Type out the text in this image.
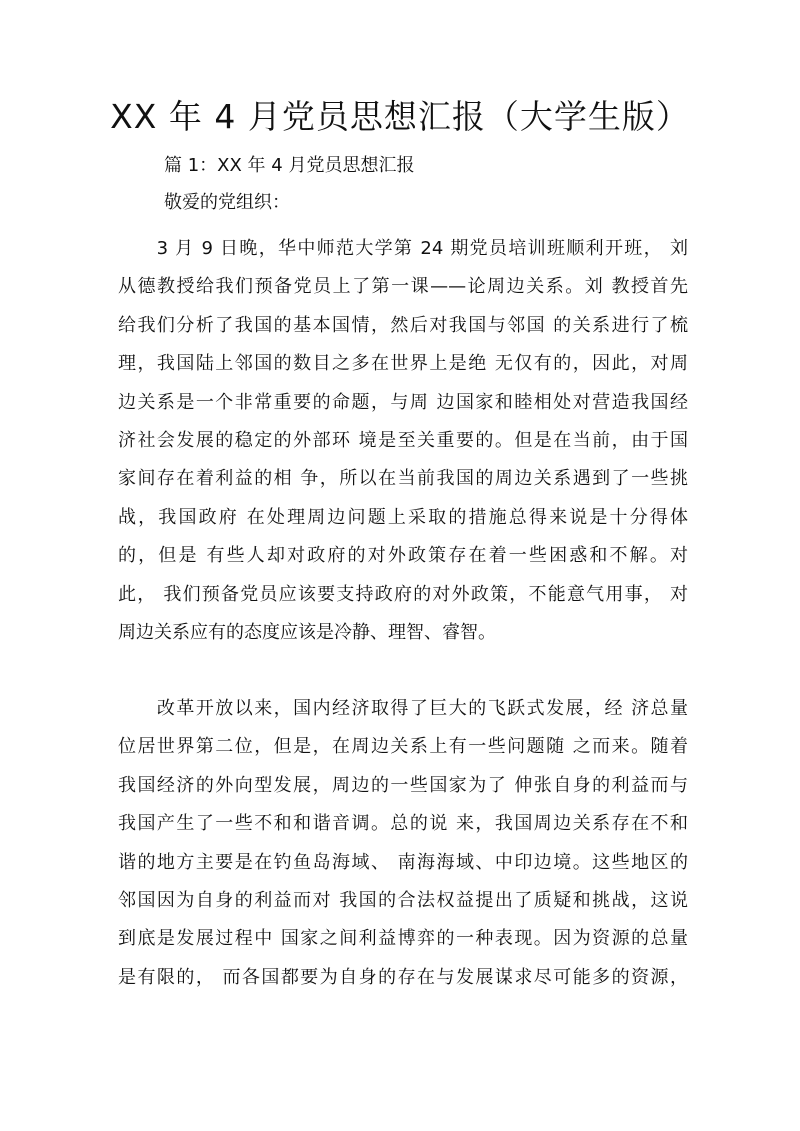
XX 年 4 月党员思想汇报（大学生版）

篇 1：XX 年 4 月党员思想汇报

敬爱的党组织：

　　3 月 9 日晚，华中师范大学第 24 期党员培训班顺利开班， 刘
从德教授给我们预备党员上了第一课——论周边关系。刘 教授首先
给我们分析了我国的基本国情，然后对我国与邻国 的关系进行了梳
理，我国陆上邻国的数目之多在世界上是绝 无仅有的，因此，对周
边关系是一个非常重要的命题，与周 边国家和睦相处对营造我国经
济社会发展的稳定的外部环 境是至关重要的。但是在当前，由于国
家间存在着利益的相 争，所以在当前我国的周边关系遇到了一些挑
战，我国政府 在处理周边问题上采取的措施总得来说是十分得体
的，但是 有些人却对政府的对外政策存在着一些困惑和不解。对
此， 我们预备党员应该要支持政府的对外政策，不能意气用事， 对
周边关系应有的态度应该是冷静、理智、睿智。
　　改革开放以来，国内经济取得了巨大的飞跃式发展，经 济总量
位居世界第二位，但是，在周边关系上有一些问题随 之而来。随着
我国经济的外向型发展，周边的一些国家为了 伸张自身的利益而与
我国产生了一些不和和谐音调。总的说 来，我国周边关系存在不和
谐的地方主要是在钓鱼岛海域、 南海海域、中印边境。这些地区的
邻国因为自身的利益而对 我国的合法权益提出了质疑和挑战，这说
到底是发展过程中 国家之间利益博弈的一种表现。因为资源的总量
是有限的， 而各国都要为自身的存在与发展谋求尽可能多的资源，
